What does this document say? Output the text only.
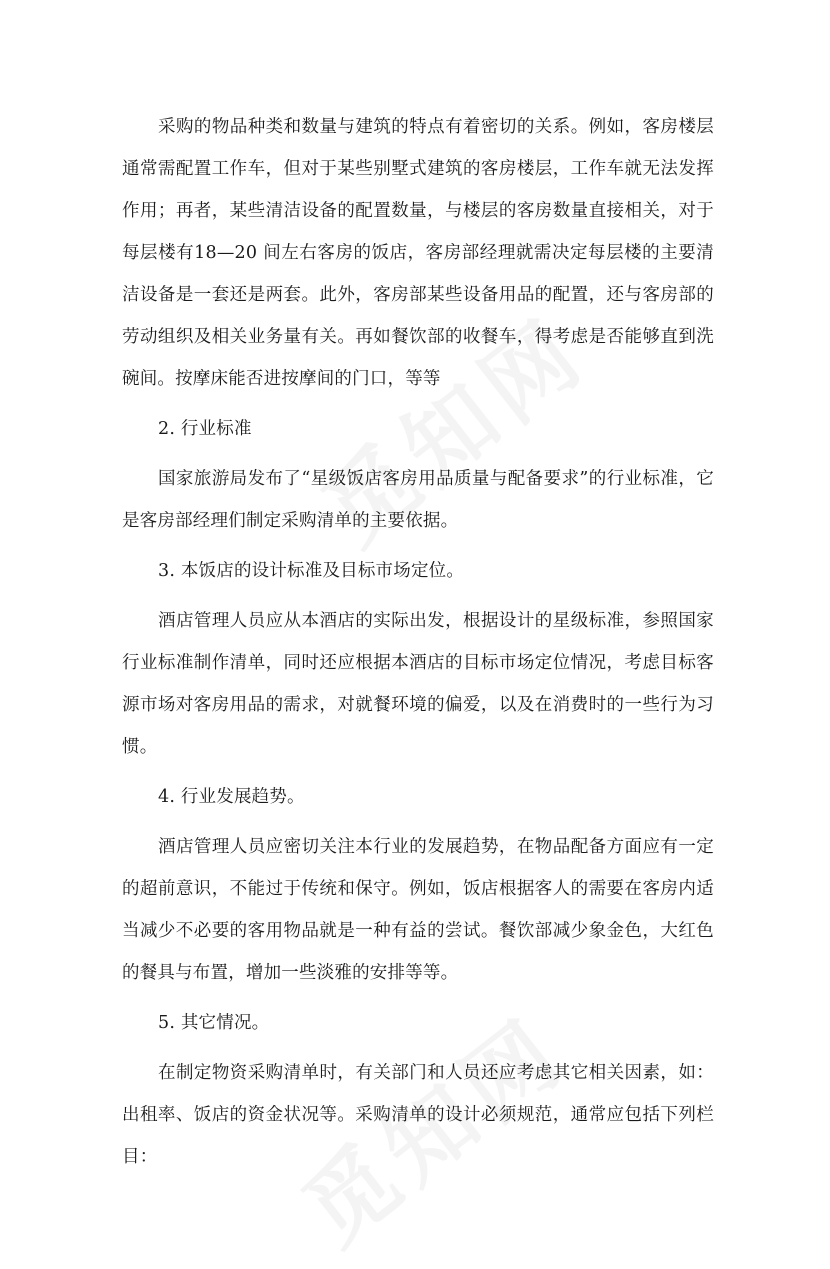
采购的物品种类和数量与建筑的特点有着密切的关系。例如，客房楼层通常需配置工作车，但对于某些别墅式建筑的客房楼层，工作车就无法发挥作用；再者，某些清洁设备的配置数量，与楼层的客房数量直接相关，对于每层楼有18—20 间左右客房的饭店，客房部经理就需决定每层楼的主要清洁设备是一套还是两套。此外，客房部某些设备用品的配置，还与客房部的劳动组织及相关业务量有关。再如餐饮部的收餐车，得考虑是否能够直到洗碗间。按摩床能否进按摩间的门口，等等

2. 行业标准

国家旅游局发布了“星级饭店客房用品质量与配备要求”的行业标准，它是客房部经理们制定采购清单的主要依据。

3. 本饭店的设计标准及目标市场定位。

酒店管理人员应从本酒店的实际出发，根据设计的星级标准，参照国家行业标准制作清单，同时还应根据本酒店的目标市场定位情况，考虑目标客源市场对客房用品的需求，对就餐环境的偏爱，以及在消费时的一些行为习惯。

4. 行业发展趋势。

酒店管理人员应密切关注本行业的发展趋势，在物品配备方面应有一定的超前意识，不能过于传统和保守。例如，饭店根据客人的需要在客房内适当减少不必要的客用物品就是一种有益的尝试。餐饮部减少象金色，大红色的餐具与布置，增加一些淡雅的安排等等。

5. 其它情况。

在制定物资采购清单时，有关部门和人员还应考虑其它相关因素，如：出租率、饭店的资金状况等。采购清单的设计必须规范，通常应包括下列栏目：
